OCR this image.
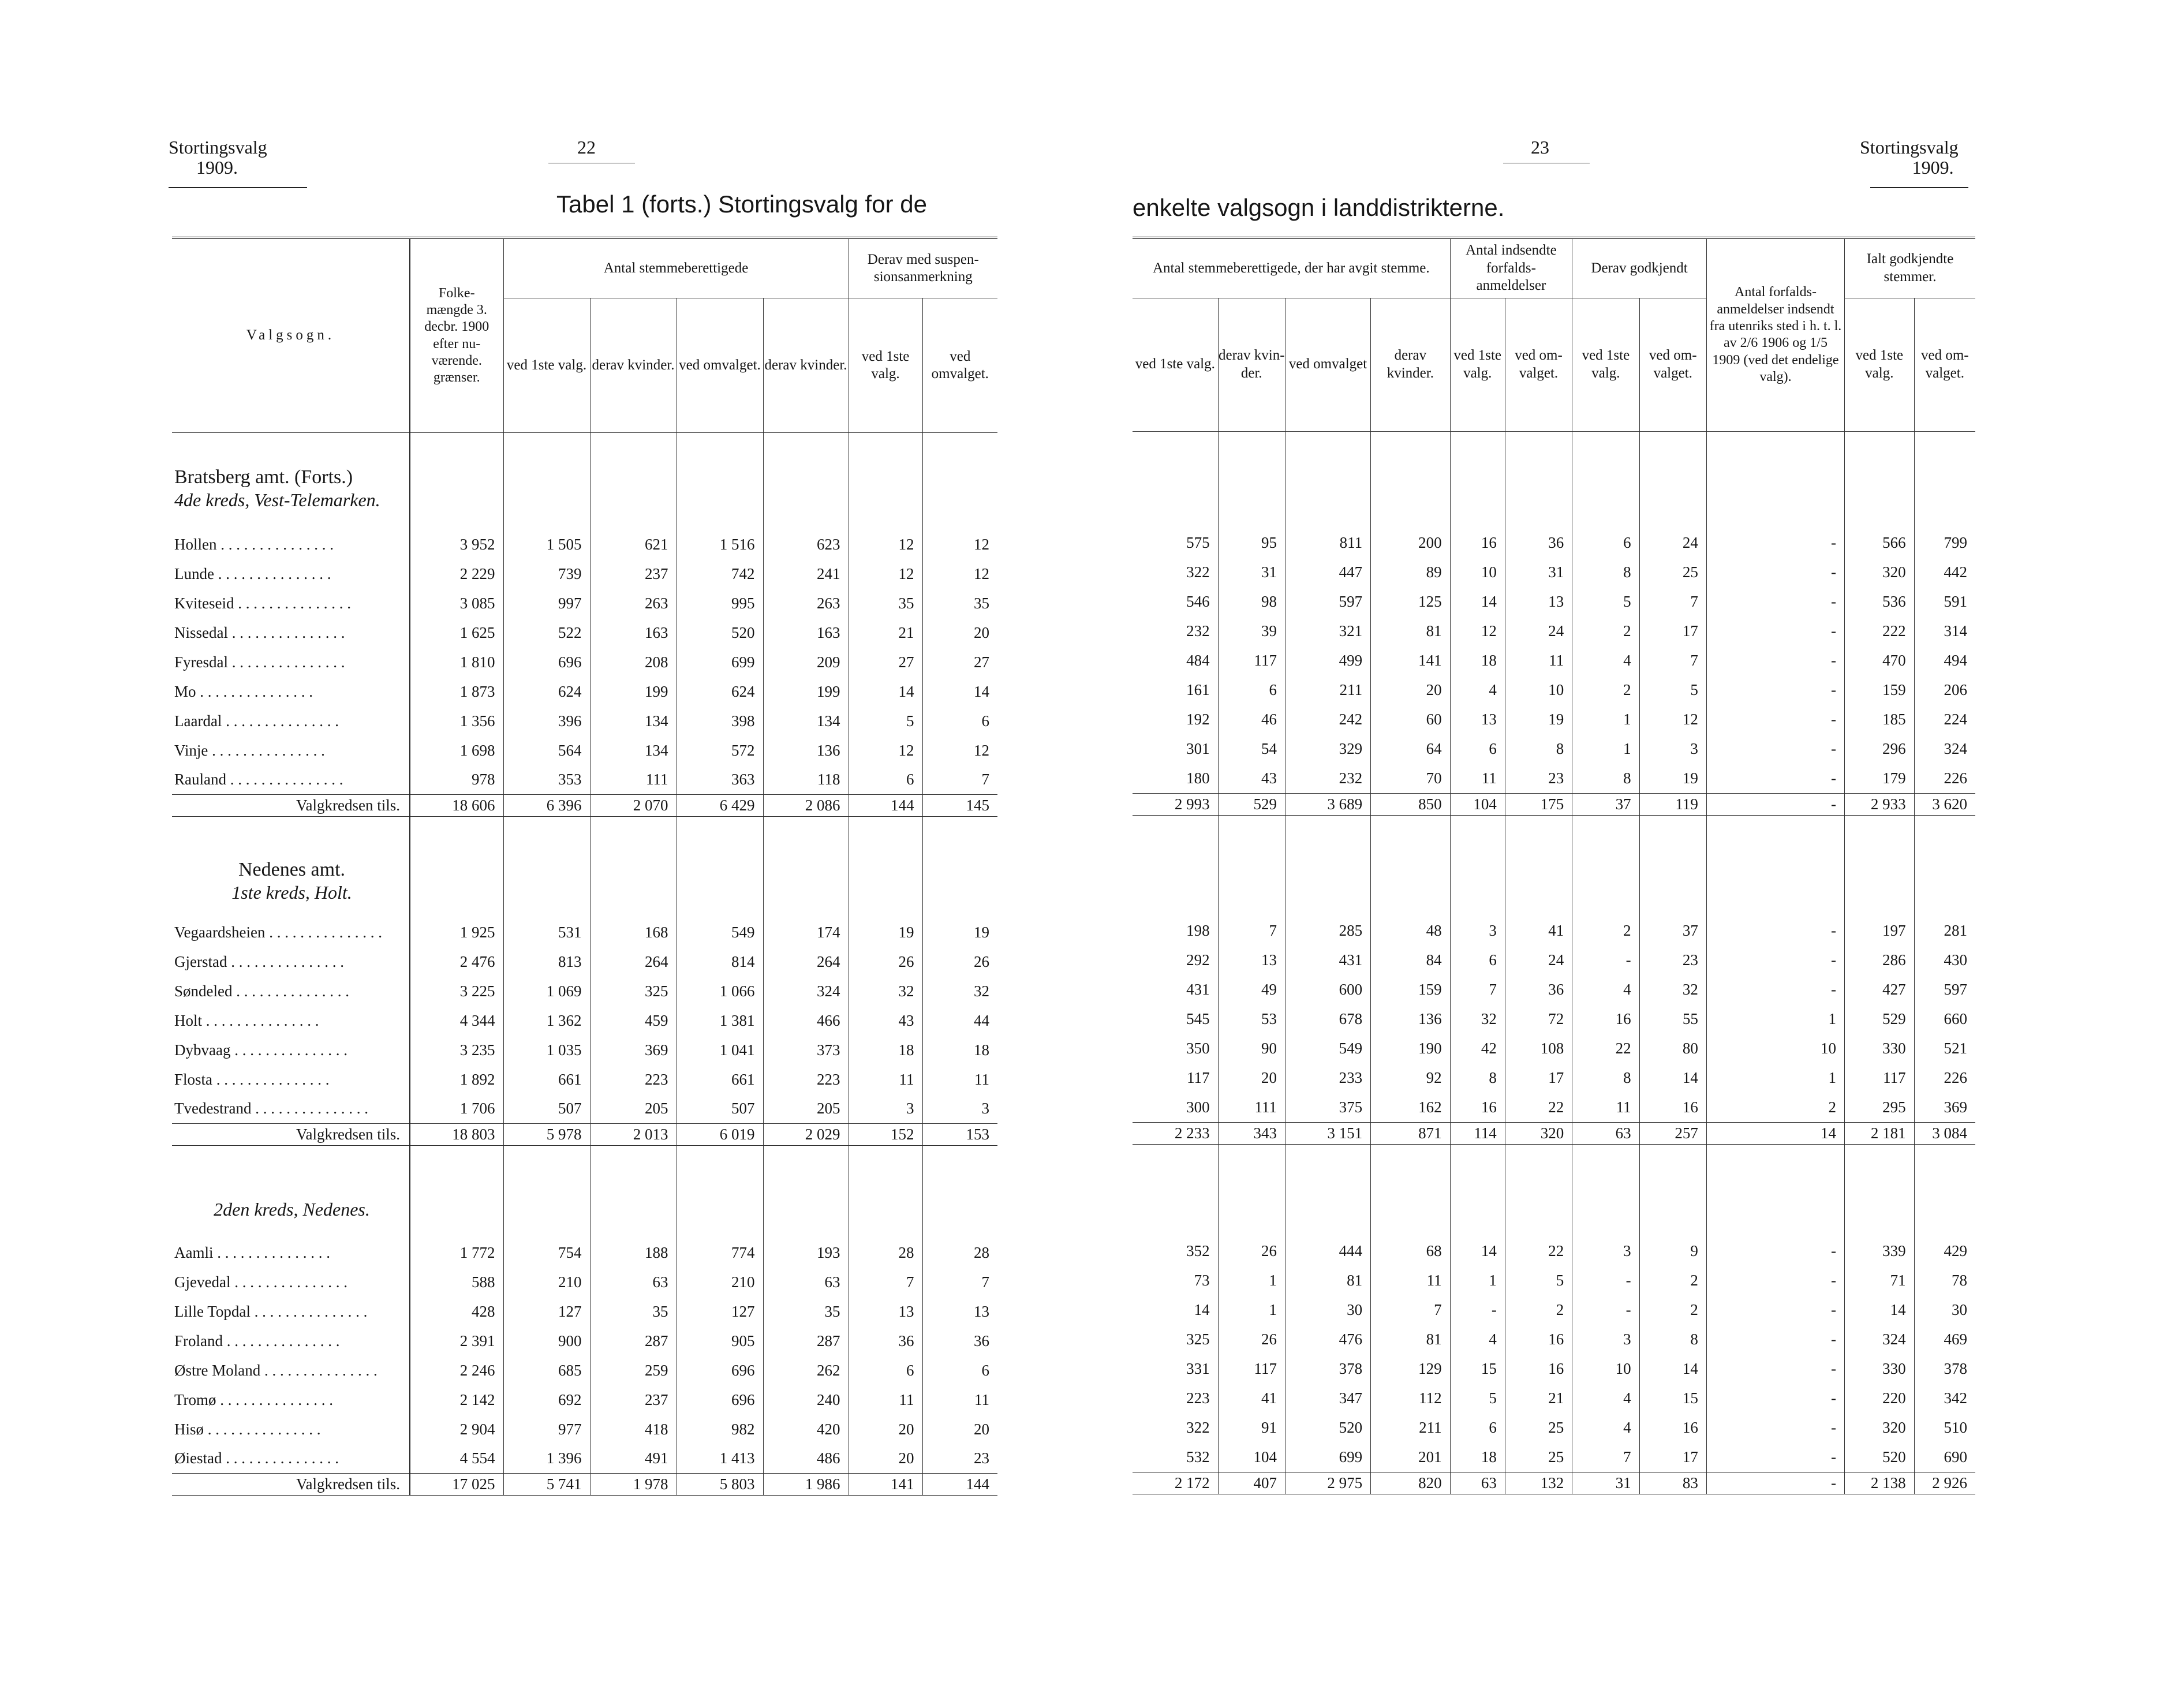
Stortingsvalg
1909.
22	23	Stortingsvalg
1909.
Tabel 1 (forts.) Stortingsvalg for de	enkelte valgsogn i landdistrikterne.
Valgsogn.	Folke- mængde 3. decbr. 1900 efter nu- værende. grænser.	Antal stemmeberettigede				Derav med suspen- sionsanmerkning	
		ved 1ste valg.	derav kvinder.	ved omvalget.	derav kvinder.	ved 1ste valg.	ved omvalget.
Bratsberg amt. (Forts.)							
4de kreds, Vest-Telemarken.							

Hollen . . . . . . . . . . . . . . .	3 952	1 505	621	1 516	623	12	12
Lunde . . . . . . . . . . . . . . .	2 229	739	237	742	241	12	12
Kviteseid . . . . . . . . . . . . . . .	3 085	997	263	995	263	35	35
Nissedal . . . . . . . . . . . . . . .	1 625	522	163	520	163	21	20
Fyresdal . . . . . . . . . . . . . . .	1 810	696	208	699	209	27	27
Mo . . . . . . . . . . . . . . .	1 873	624	199	624	199	14	14
Laardal . . . . . . . . . . . . . . .	1 356	396	134	398	134	5	6
Vinje . . . . . . . . . . . . . . .	1 698	564	134	572	136	12	12
Rauland . . . . . . . . . . . . . . .	978	353	111	363	118	6	7
Valgkredsen tils.	18 606	6 396	2 070	6 429	2 086	144	145
Nedenes amt.							
1ste kreds, Holt.							

Vegaardsheien . . . . . . . . . . . . . . .	1 925	531	168	549	174	19	19
Gjerstad . . . . . . . . . . . . . . .	2 476	813	264	814	264	26	26
Søndeled . . . . . . . . . . . . . . .	3 225	1 069	325	1 066	324	32	32
Holt . . . . . . . . . . . . . . .	4 344	1 362	459	1 381	466	43	44
Dybvaag . . . . . . . . . . . . . . .	3 235	1 035	369	1 041	373	18	18
Flosta . . . . . . . . . . . . . . .	1 892	661	223	661	223	11	11
Tvedestrand . . . . . . . . . . . . . . .	1 706	507	205	507	205	3	3
Valgkredsen tils.	18 803	5 978	2 013	6 019	2 029	152	153
2den kreds, Nedenes.							

Aamli . . . . . . . . . . . . . . .	1 772	754	188	774	193	28	28
Gjevedal . . . . . . . . . . . . . . .	588	210	63	210	63	7	7
Lille Topdal . . . . . . . . . . . . . . .	428	127	35	127	35	13	13
Froland . . . . . . . . . . . . . . .	2 391	900	287	905	287	36	36
Østre Moland . . . . . . . . . . . . . . .	2 246	685	259	696	262	6	6
Tromø . . . . . . . . . . . . . . .	2 142	692	237	696	240	11	11
Hisø . . . . . . . . . . . . . . .	2 904	977	418	982	420	20	20
Øiestad . . . . . . . . . . . . . . .	4 554	1 396	491	1 413	486	20	23
Valgkredsen tils.	17 025	5 741	1 978	5 803	1 986	141	144
Antal stemmeberettigede, der har avgit stemme.				Antal indsendte forfalds- anmeldelser		Derav godkjendt		Antal forfalds- anmeldelser indsendt fra utenriks sted i h. t. l. av 2/6 1906 og 1/5 1909 (ved det endelige valg).	Ialt godkjendte stemmer.	
ved 1ste valg.	derav kvin- der.	ved omvalget	derav kvinder.	ved 1ste valg.	ved om- valget.	ved 1ste valg.	ved om- valget.		ved 1ste valg.	ved om- valget.

575	95	811	200	16	36	6	24	-	566	799
322	31	447	89	10	31	8	25	-	320	442
546	98	597	125	14	13	5	7	-	536	591
232	39	321	81	12	24	2	17	-	222	314
484	117	499	141	18	11	4	7	-	470	494
161	6	211	20	4	10	2	5	-	159	206
192	46	242	60	13	19	1	12	-	185	224
301	54	329	64	6	8	1	3	-	296	324
180	43	232	70	11	23	8	19	-	179	226
2 993	529	3 689	850	104	175	37	119	-	2 933	3 620

198	7	285	48	3	41	2	37	-	197	281
292	13	431	84	6	24	-	23	-	286	430
431	49	600	159	7	36	4	32	-	427	597
545	53	678	136	32	72	16	55	1	529	660
350	90	549	190	42	108	22	80	10	330	521
117	20	233	92	8	17	8	14	1	117	226
300	111	375	162	16	22	11	16	2	295	369
2 233	343	3 151	871	114	320	63	257	14	2 181	3 084

352	26	444	68	14	22	3	9	-	339	429
73	1	81	11	1	5	-	2	-	71	78
14	1	30	7	-	2	-	2	-	14	30
325	26	476	81	4	16	3	8	-	324	469
331	117	378	129	15	16	10	14	-	330	378
223	41	347	112	5	21	4	15	-	220	342
322	91	520	211	6	25	4	16	-	320	510
532	104	699	201	18	25	7	17	-	520	690
2 172	407	2 975	820	63	132	31	83	-	2 138	2 926
